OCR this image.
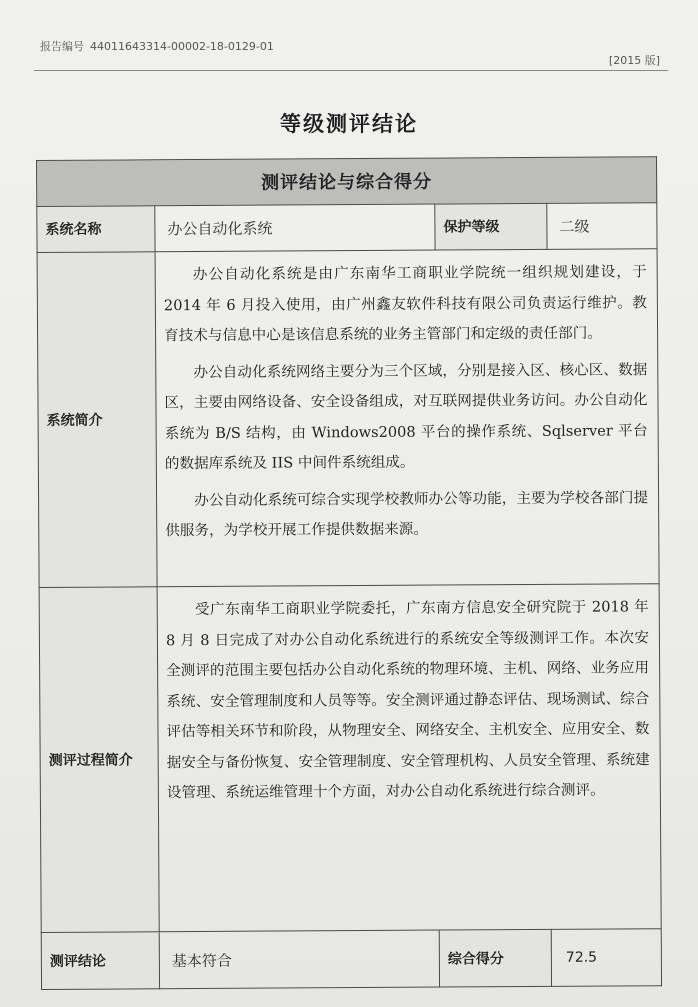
报告编号 44011643314-00002-18-0129-01
[2015 版]
等级测评结论
测评结论与综合得分			
系统名称	办公自动化系统	保护等级	二级
系统简介	办公自动化系统是由广东南华工商职业学院统一组织规划建设，于 2014 年 6 月投入使用，由广州鑫友软件科技有限公司负责运行维护。教育技术与信息中心是该信息系统的业务主管部门和定级的责任部门。

办公自动化系统网络主要分为三个区域，分别是接入区、核心区、数据区，主要由网络设备、安全设备组成，对互联网提供业务访问。办公自动化系统为 B/S 结构，由 Windows2008 平台的操作系统、Sqlserver 平台的数据库系统及 IIS 中间件系统组成。

办公自动化系统可综合实现学校教师办公等功能，主要为学校各部门提供服务，为学校开展工作提供数据来源。		

测评过程简介	受广东南华工商职业学院委托，广东南方信息安全研究院于 2018 年 8 月 8 日完成了对办公自动化系统进行的系统安全等级测评工作。本次安全测评的范围主要包括办公自动化系统的物理环境、主机、网络、业务应用系统、安全管理制度和人员等等。安全测评通过静态评估、现场测试、综合评估等相关环节和阶段，从物理安全、网络安全、主机安全、应用安全、数据安全与备份恢复、安全管理制度、安全管理机构、人员安全管理、系统建设管理、系统运维管理十个方面，对办公自动化系统进行综合测评。		

测评结论	基本符合	综合得分	72.5
